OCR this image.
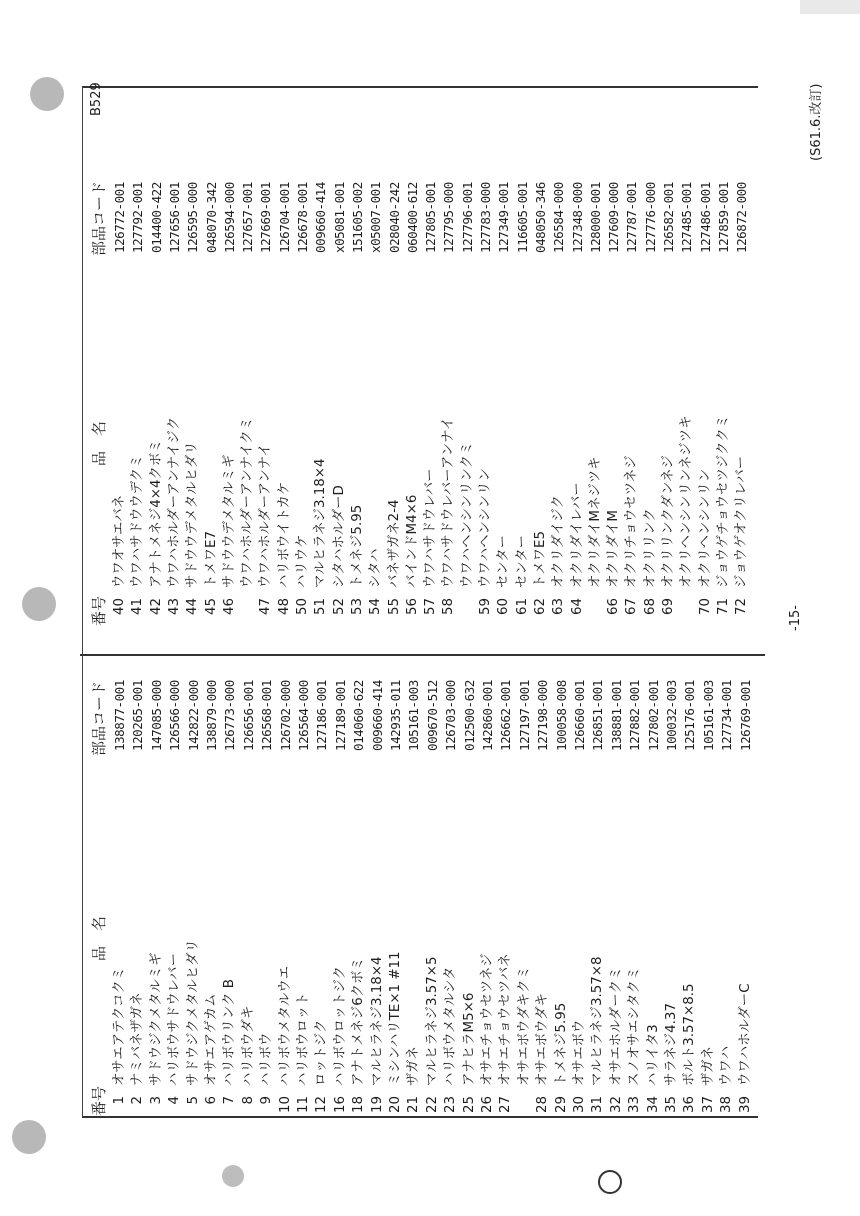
番号
品　名
部品コード
番号
品　名
部品コード
1
オサエアテクコクミ
138877-001
2
ナミバネザガネ
120265-001
3
サドウジクメタルミギ
147085-000
4
ハリボウサドウレバー
126566-000
5
サドウジクメタルヒダリ
142822-000
6
オサエアゲカム
138879-000
7
ハリボウリンク B
126773-000
8
ハリボウダキ
126656-001
9
ハリボウ
126568-001
10
ハリボウメタルウエ
126702-000
11
ハリボウロット
126564-000
12
ロットジク
127186-001
16
ハリボウロットジク
127189-001
18
アナトメネジ6クボミ
014060-622
19
マルヒラネジ3.18×4
009660-414
20
ミシンハリTE×1 #11
142935-011
21
ザガネ
105161-003
22
マルヒラネジ3.57×5
009670-512
23
ハリボウメタルシタ
126703-000
25
アナヒラM5×6
012500-632
26
オサエチョウセツネジ
142860-001
27
オサエチョウセツバネ
126662-001
オサエボウダキクミ
127197-001
28
オサエボウダキ
127198-000
29
トメネジ5.95
100058-008
30
オサエボウ
126660-001
31
マルヒラネジ3.57×8
126851-001
32
オサエホルダークミ
138881-001
33
スノオサエシタクミ
127882-001
34
ハリイタ3
127802-001
35
サラネジ4.37
100032-003
36
ボルト3.57×8.5
125176-001
37
ザガネ
105161-003
38
ウワハ
127734-001
39
ウワハホルダーC
126769-001
40
ウワオサエバネ
126772-001
41
ウワハサドウウデクミ
127792-001
42
アナトメネジ4×4クボミ
014400-422
43
ウワハホルダーアンナイジク
127656-001
44
サドウウデメタルヒダリ
126595-000
45
トメワE7
048070-342
46
サドウウデメタルミギ
126594-000
ウワハホルダーアンナイクミ
127657-001
47
ウワハホルダーアンナイ
127669-001
48
ハリボウイトカケ
126704-001
50
ハリウケ
126678-001
51
マルヒラネジ3.18×4
009660-414
52
シタハホルダーD
x05081-001
53
トメネジ5.95
151605-002
54
シタハ
x05007-001
55
バネザガネ2-4
028040-242
56
バインドM4×6
060400-612
57
ウワハサドウレバー
127805-001
58
ウワハサドウレバーアンナイ
127795-000
ウワハヘンシンリンクミ
127796-001
59
ウワハヘンシンリン
127783-000
60
センター
127349-001
61
センター
116605-001
62
トメワE5
048050-346
63
オクリダイジク
126584-000
64
オクリダイレバー
127348-000
オクリダイMネジツキ
128000-001
66
オクリダイM
127609-000
67
オクリチョウセツネジ
127787-001
68
オクリリンク
127776-000
69
オクリリンクダンネジ
126582-001
オクリヘンシンリンネジツキ
127485-001
70
オクリヘンシンリン
127486-001
71
ジョウゲチョウセツジククミ
127859-001
72
ジョウゲオクリレバー
126872-000
B529
-15-
(S61.6.改訂)
